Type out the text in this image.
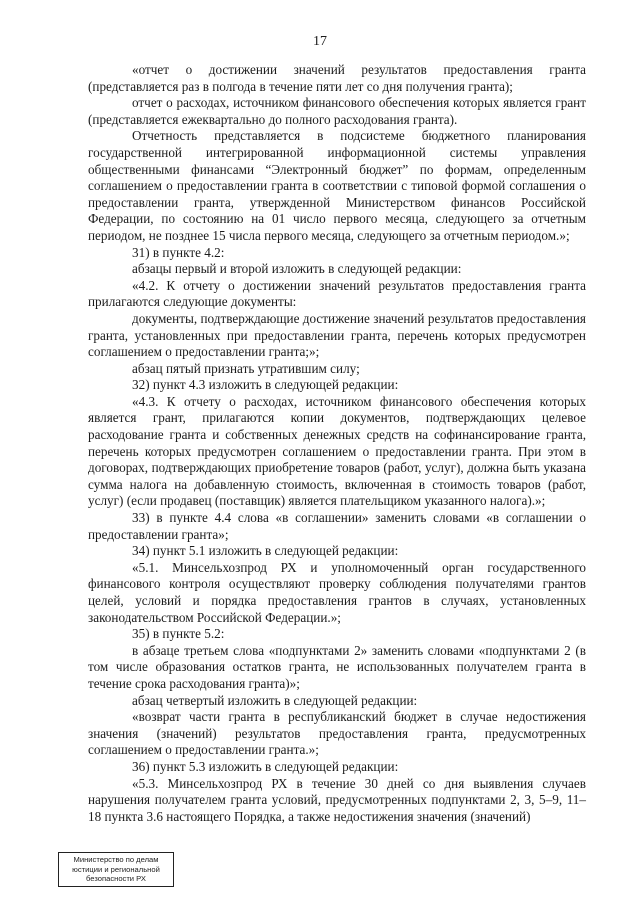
17

«отчет о достижении значений результатов предоставления гранта (представляется раз в полгода в течение пяти лет со дня получения гранта);

отчет о расходах, источником финансового обеспечения которых является грант (представляется ежеквартально до полного расходования гранта).

Отчетность представляется в подсистеме бюджетного планирования государственной интегрированной информационной системы управления общественными финансами “Электронный бюджет” по формам, определенным соглашением о предоставлении гранта в соответствии с типовой формой соглашения о предоставлении гранта, утвержденной Министерством финансов Российской Федерации, по состоянию на 01 число первого месяца, следующего за отчетным периодом, не позднее 15 числа первого месяца, следующего за отчетным периодом.»;

31) в пункте 4.2:

абзацы первый и второй изложить в следующей редакции:

«4.2. К отчету о достижении значений результатов предоставления гранта прилагаются следующие документы:

документы, подтверждающие достижение значений результатов предоставления гранта, установленных при предоставлении гранта, перечень которых предусмотрен соглашением о предоставлении гранта;»;

абзац пятый признать утратившим силу;

32) пункт 4.3 изложить в следующей редакции:

«4.3. К отчету о расходах, источником финансового обеспечения которых является грант, прилагаются копии документов, подтверждающих целевое расходование гранта и собственных денежных средств на софинансирование гранта, перечень которых предусмотрен соглашением о предоставлении гранта. При этом в договорах, подтверждающих приобретение товаров (работ, услуг), должна быть указана сумма налога на добавленную стоимость, включенная в стоимость товаров (работ, услуг) (если продавец (поставщик) является плательщиком указанного налога).»;

33) в пункте 4.4 слова «в соглашении» заменить словами «в соглашении о предоставлении гранта»;

34) пункт 5.1 изложить в следующей редакции:

«5.1. Минсельхозпрод РХ и уполномоченный орган государственного финансового контроля осуществляют проверку соблюдения получателями грантов целей, условий и порядка предоставления грантов в случаях, установленных законодательством Российской Федерации.»;

35) в пункте 5.2:

в абзаце третьем слова «подпунктами 2» заменить словами «подпунктами 2 (в том числе образования остатков гранта, не использованных получателем гранта в течение срока расходования гранта)»;

абзац четвертый изложить в следующей редакции:

«возврат части гранта в республиканский бюджет в случае недостижения значения (значений) результатов предоставления гранта, предусмотренных соглашением о предоставлении гранта.»;

36) пункт 5.3 изложить в следующей редакции:

«5.3. Минсельхозпрод РХ в течение 30 дней со дня выявления случаев нарушения получателем гранта условий, предусмотренных подпунктами 2, 3, 5–9, 11–18 пункта 3.6 настоящего Порядка, а также недостижения значения (значений)

Министерство по делам
юстиции и региональной
безопасности РХ
